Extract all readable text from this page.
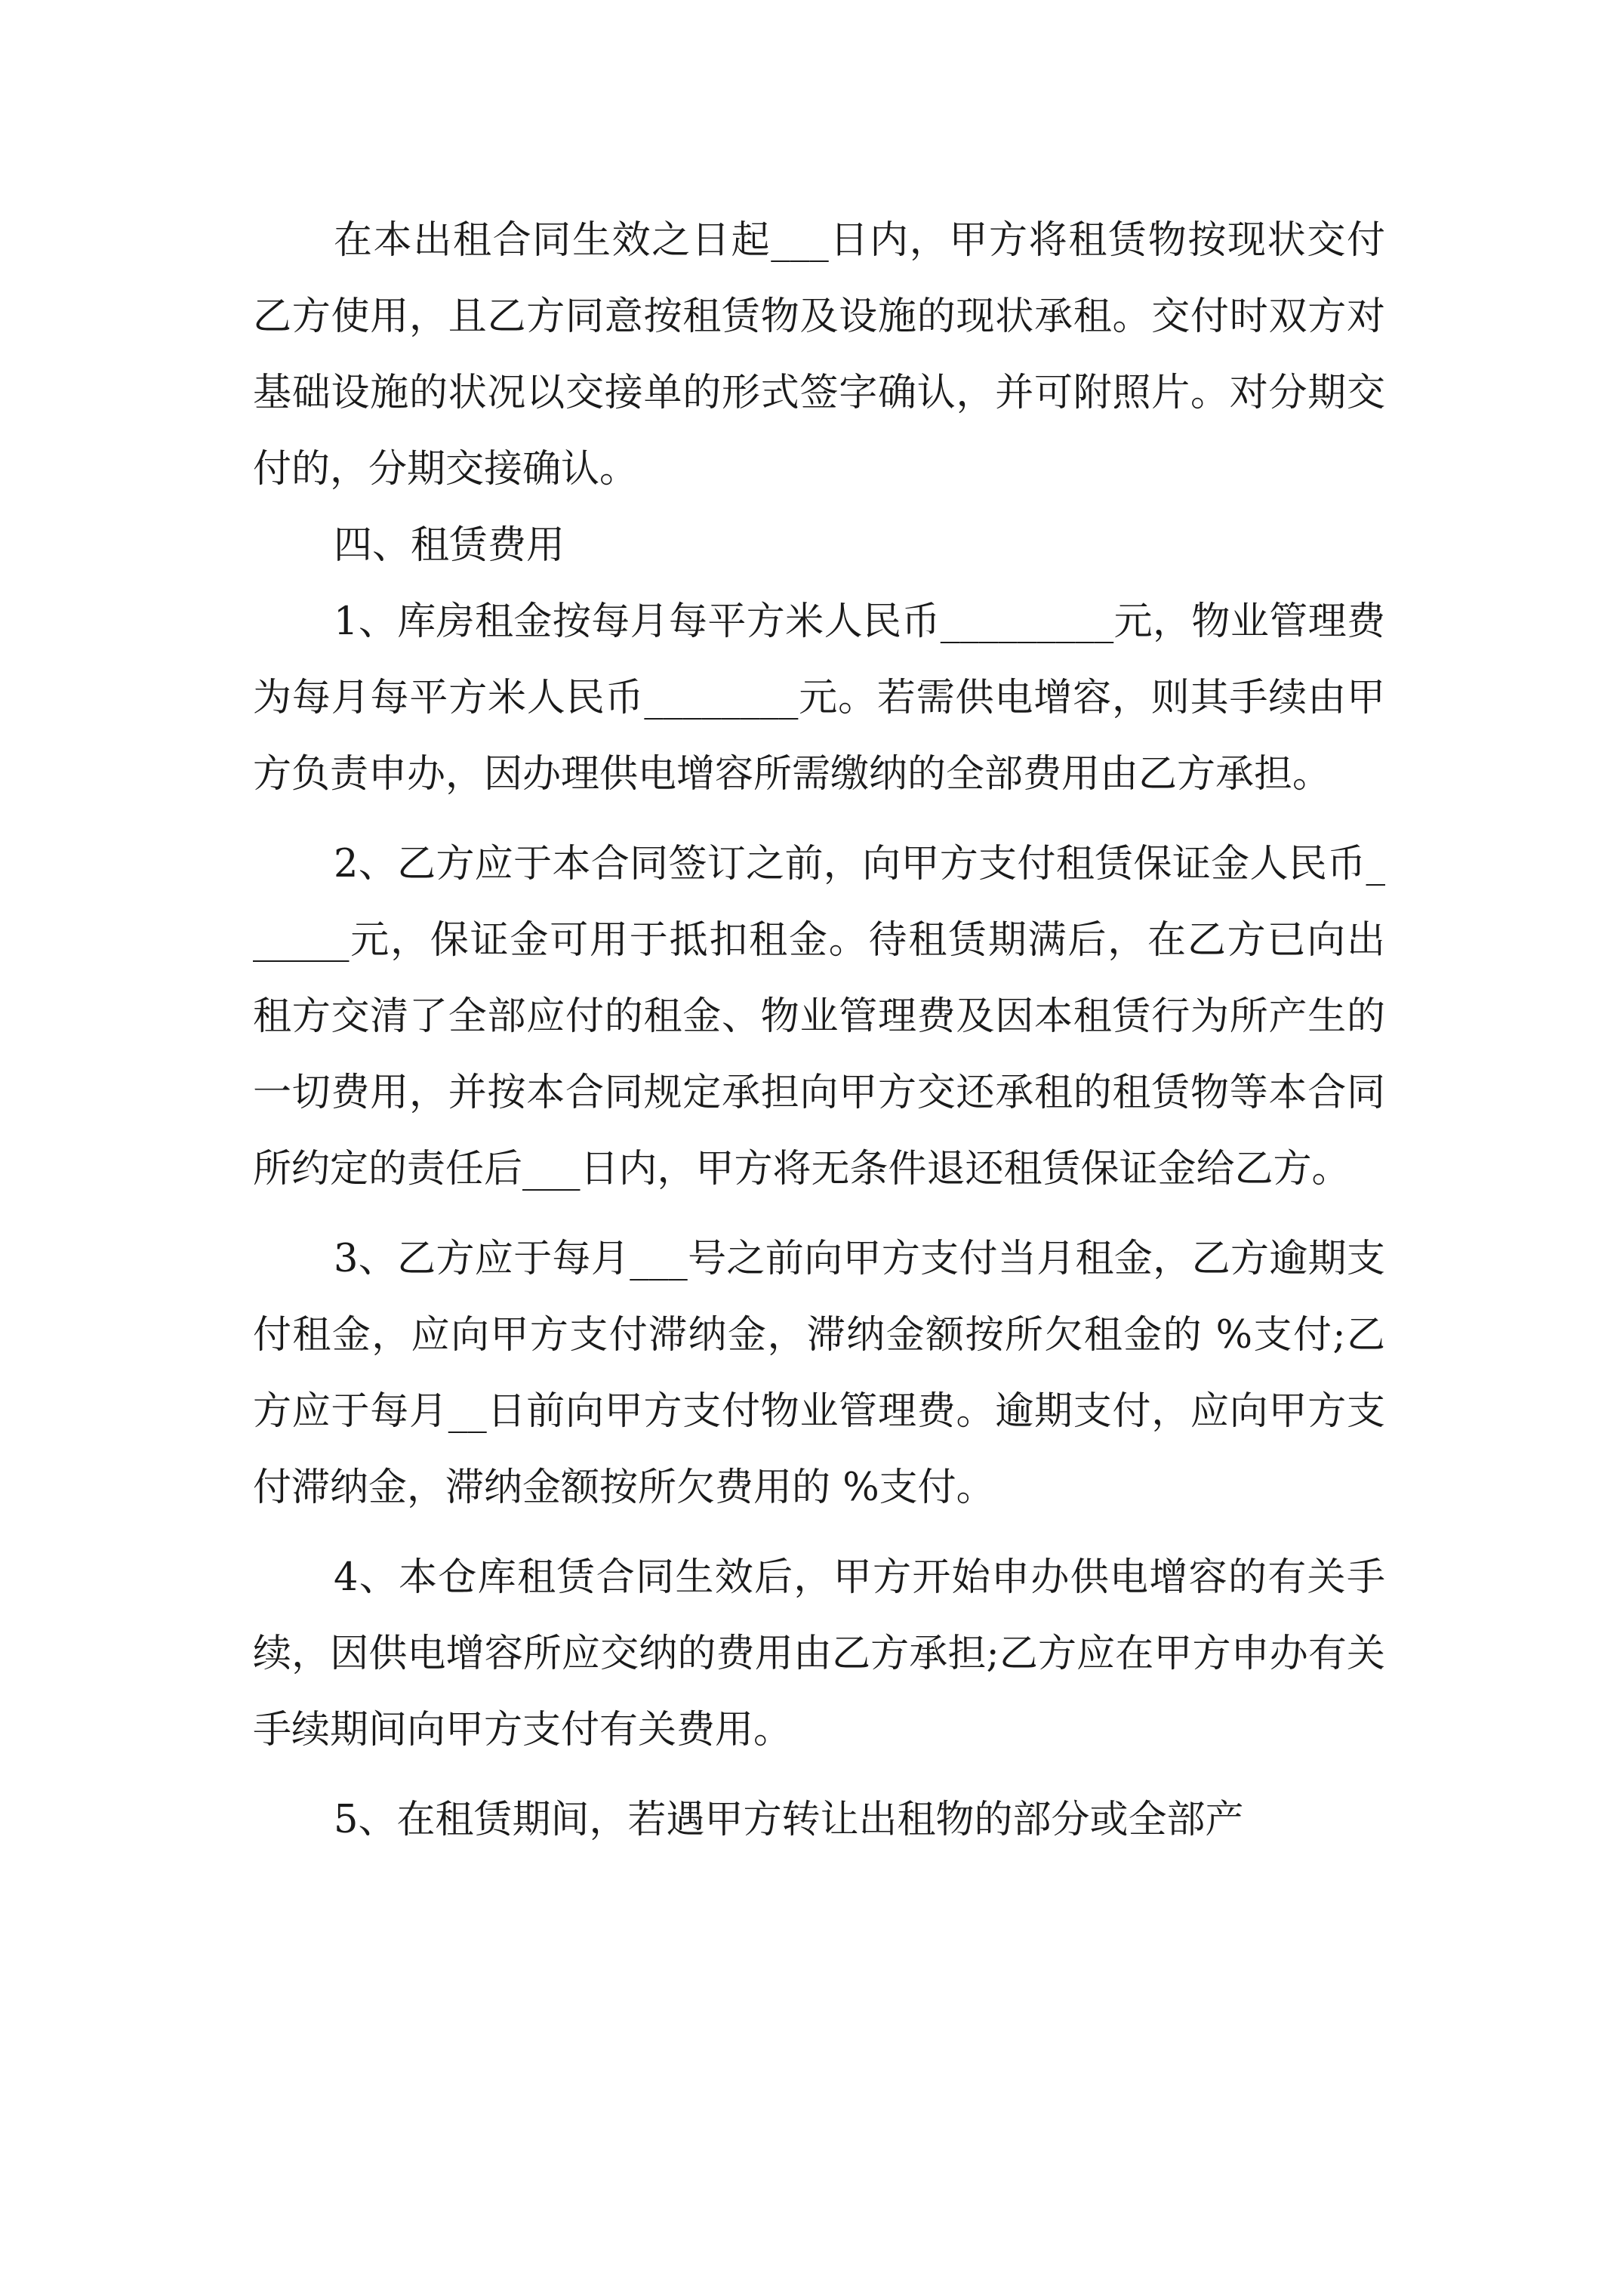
在本出租合同生效之日起___日内，甲方将租赁物按现状交付乙方使用，且乙方同意按租赁物及设施的现状承租。交付时双方对基础设施的状况以交接单的形式签字确认，并可附照片。对分期交付的，分期交接确认。

四、租赁费用

1、库房租金按每月每平方米人民币_________元，物业管理费为每月每平方米人民币________元。若需供电增容，则其手续由甲方负责申办，因办理供电增容所需缴纳的全部费用由乙方承担。

2、乙方应于本合同签订之前，向甲方支付租赁保证金人民币______元，保证金可用于抵扣租金。待租赁期满后，在乙方已向出租方交清了全部应付的租金、物业管理费及因本租赁行为所产生的一切费用，并按本合同规定承担向甲方交还承租的租赁物等本合同所约定的责任后___日内，甲方将无条件退还租赁保证金给乙方。

3、乙方应于每月___号之前向甲方支付当月租金，乙方逾期支付租金，应向甲方支付滞纳金，滞纳金额按所欠租金的 %支付;乙方应于每月__日前向甲方支付物业管理费。逾期支付，应向甲方支付滞纳金，滞纳金额按所欠费用的 %支付。

4、本仓库租赁合同生效后，甲方开始申办供电增容的有关手续，因供电增容所应交纳的费用由乙方承担;乙方应在甲方申办有关手续期间向甲方支付有关费用。

5、在租赁期间，若遇甲方转让出租物的部分或全部产
